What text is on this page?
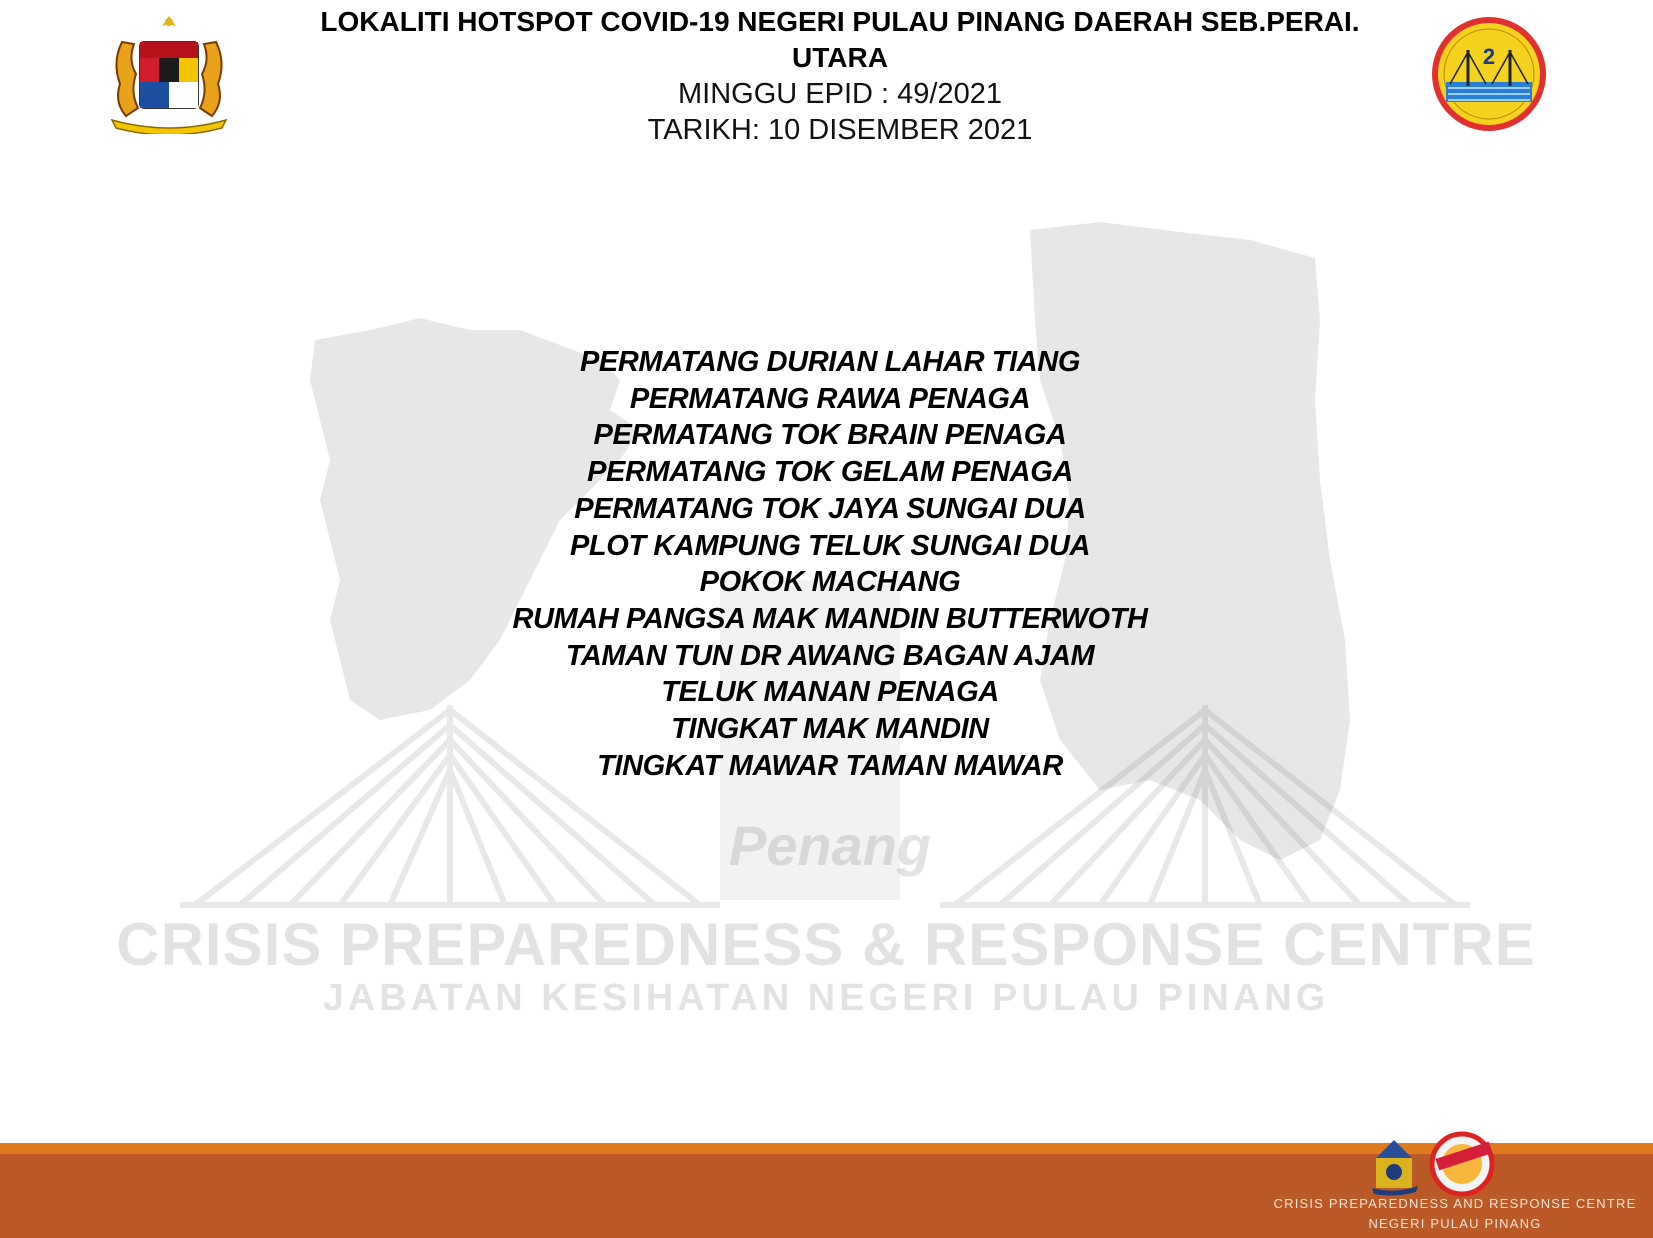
Penang
CRISIS PREPAREDNESS & RESPONSE CENTRE
JABATAN KESIHATAN NEGERI PULAU PINANG
2
LOKALITI HOTSPOT COVID-19 NEGERI PULAU PINANG DAERAH SEB.PERAI.
UTARA
MINGGU EPID : 49/2021
TARIKH: 10 DISEMBER 2021
PERMATANG DURIAN LAHAR TIANG
PERMATANG RAWA PENAGA
PERMATANG TOK BRAIN PENAGA
PERMATANG TOK GELAM PENAGA
PERMATANG TOK JAYA SUNGAI DUA
PLOT KAMPUNG TELUK SUNGAI DUA
POKOK MACHANG
RUMAH PANGSA MAK MANDIN BUTTERWOTH
TAMAN TUN DR AWANG BAGAN AJAM
TELUK MANAN PENAGA
TINGKAT MAK MANDIN
TINGKAT MAWAR TAMAN MAWAR
CRISIS PREPAREDNESS AND RESPONSE CENTRE
NEGERI PULAU PINANG
